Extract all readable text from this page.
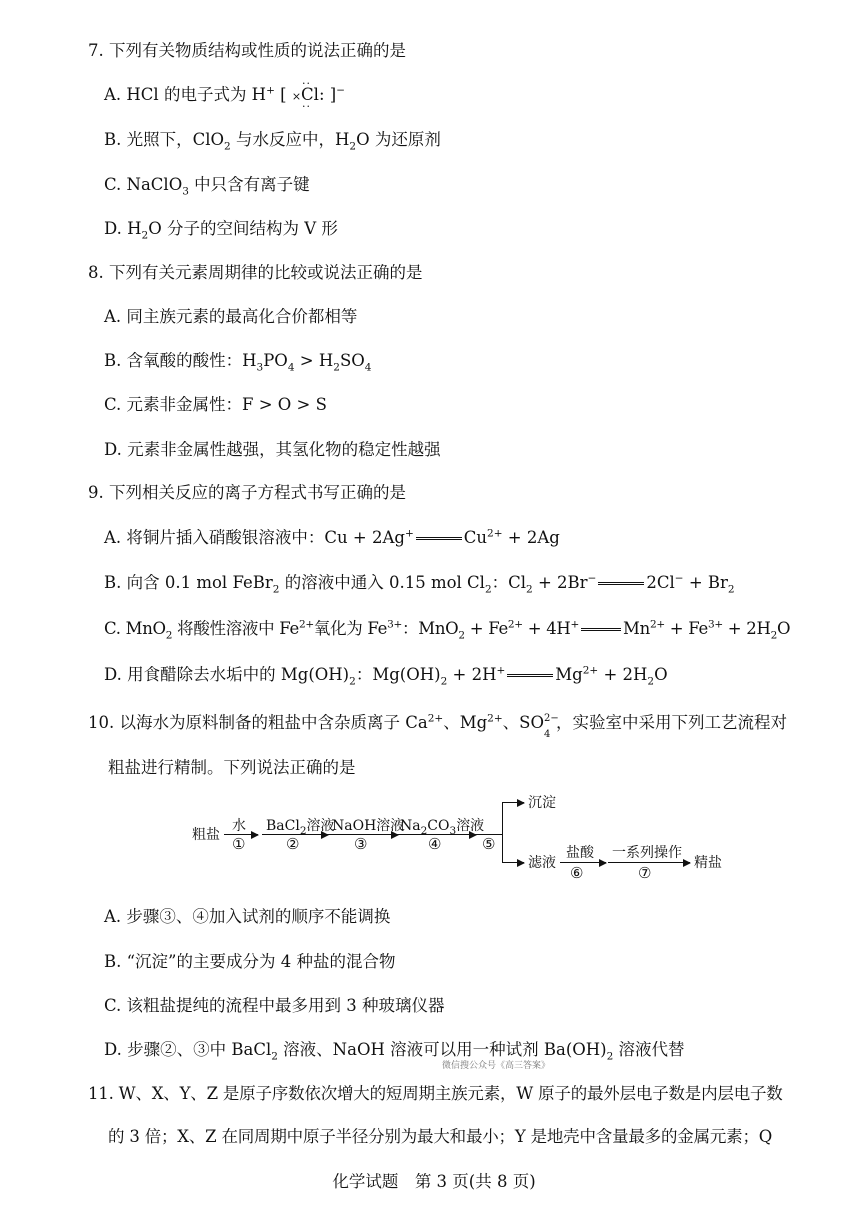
7. 下列有关物质结构或性质的说法正确的是
A. HCl 的电子式为 H+ [ ×·· Cl ··: ]−
B. 光照下，ClO$_2$ 与水反应中，$H_2O$ 为还原剂
C. NaClO$_3$ 中只含有离子键
D. $H_2O$ 分子的空间结构为 V 形
8. 下列有关元素周期律的比较或说法正确的是
A. 同主族元素的最高化合价都相等
B. 含氧酸的酸性：$H_3PO_4 > H_2SO_4$
C. 元素非金属性：F > O > S
D. 元素非金属性越强，其氢化物的稳定性越强
9. 下列相关反应的离子方程式书写正确的是
A. 将铜片插入硝酸银溶液中：Cu + 2Ag+	$Cu^{2+} + 2Ag$
B. 向含 0.1 mol FeBr$_2$ 的溶液中通入 0.15 mol $Cl_2$：$Cl_2 + 2Br^-$	$2Cl^- + Br_2$
C. MnO$_2$ 将酸性溶液中 $Fe^{2+}$氧化为 $Fe^{3+}$：$MnO_2 + Fe^{2+} + 4H^+$	$Mn^{2+} + Fe^{3+} + 2H_2O$
D. 用食醋除去水垢中的 $Mg(OH)_2$：$Mg(OH)_2 + 2H^+$	$Mg^{2+} + 2H_2O$
10. 以海水为原料制备的粗盐中含杂质离子 $Ca^{2+}$、$Mg^{2+}$、SO 2−
4
，实验室中采用下列工艺流程对
粗盐进行精制。下列说法正确的是
粗盐
水
①
BaCl$_2$溶液
②
NaOH溶液
③
$Na_2CO_3$溶液
④	⑤
沉淀
滤液
盐酸
⑥
一系列操作
⑦
精盐
A. 步骤③、④加入试剂的顺序不能调换
B. “沉淀”的主要成分为 4 种盐的混合物
C. 该粗盐提纯的流程中最多用到 3 种玻璃仪器
D. 步骤②、③中 BaCl$_2$ 溶液、NaOH 溶液可以用一种试剂 $Ba(OH)_2$ 溶液代替
微信搜公众号《高三答案》
11. W、X、Y、Z 是原子序数依次增大的短周期主族元素，W 原子的最外层电子数是内层电子数
的 3 倍；X、Z 在同周期中原子半径分别为最大和最小；Y 是地壳中含量最多的金属元素；Q
化学试题　第 3 页(共 8 页)
